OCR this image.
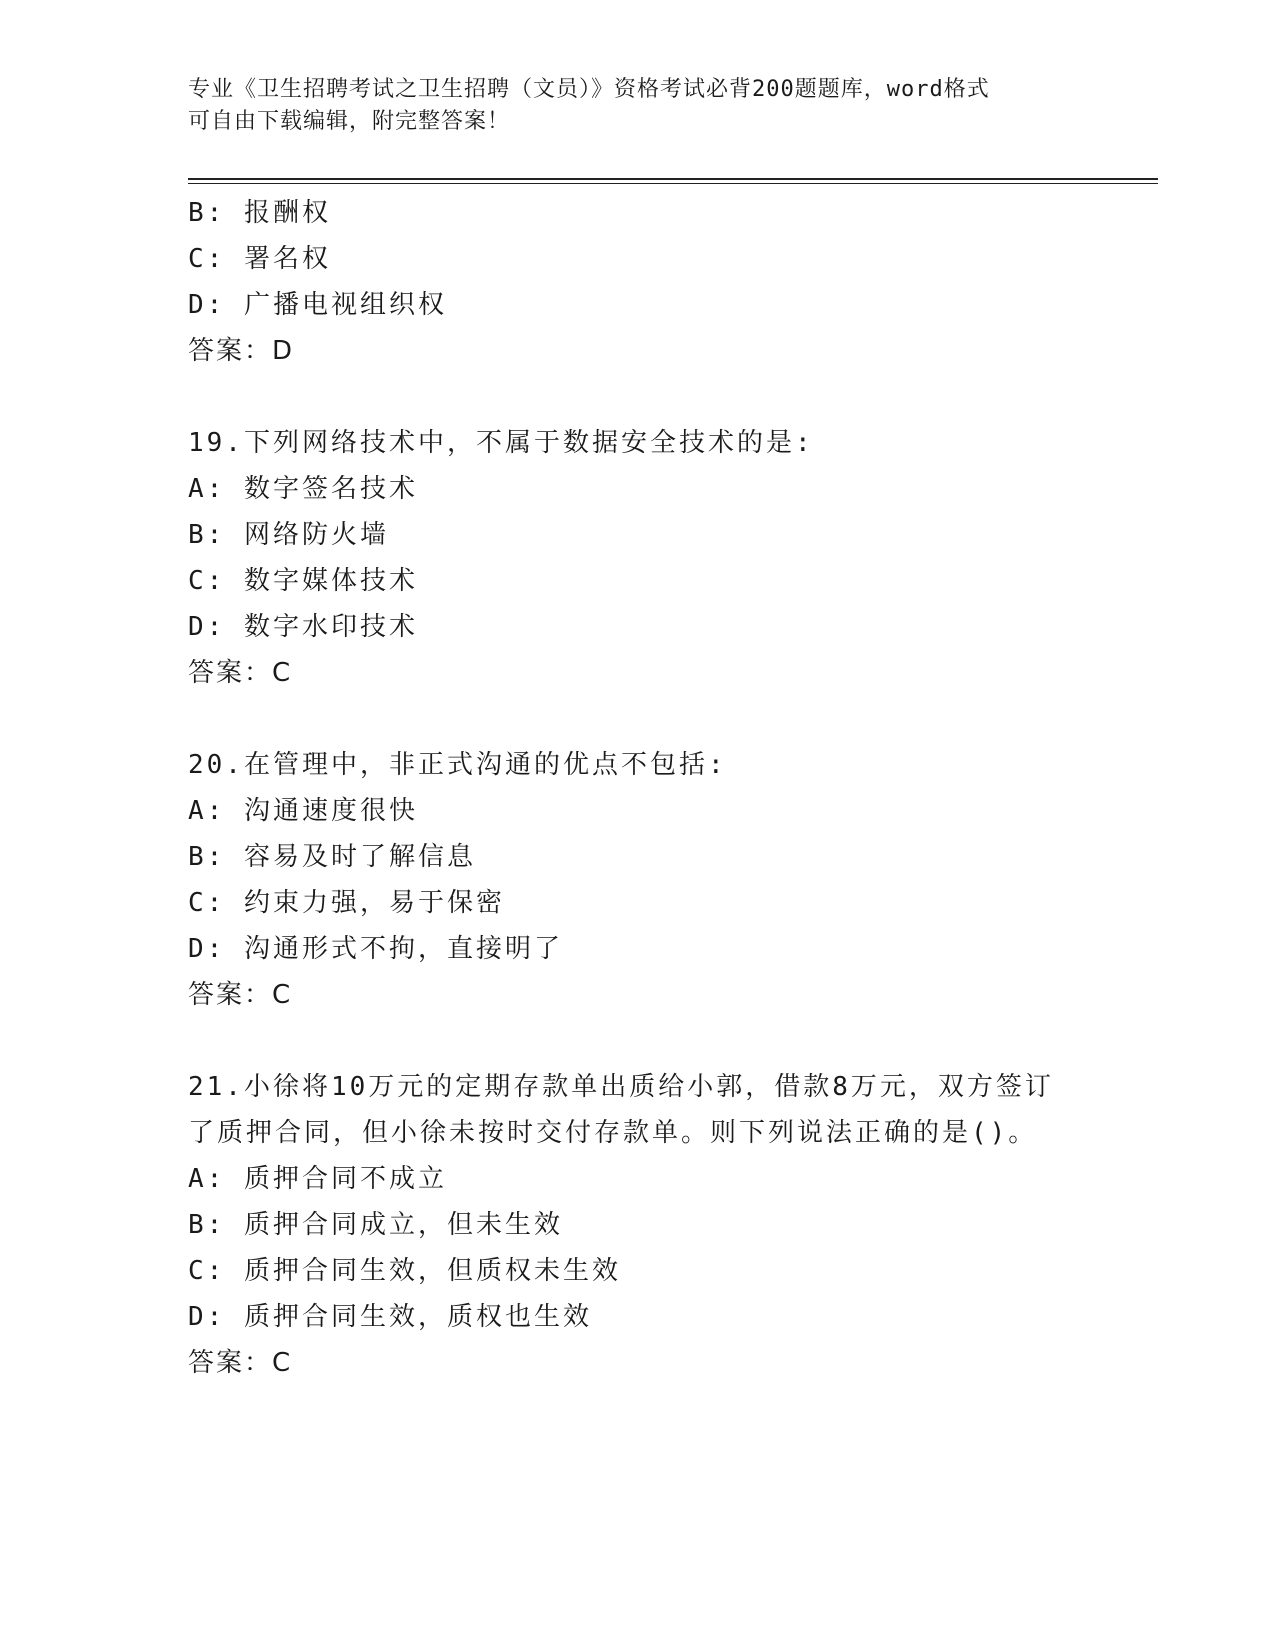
专业《卫生招聘考试之卫生招聘（文员）》资格考试必背200题题库，word格式
可自由下载编辑，附完整答案！
B: 报酬权
C: 署名权
D: 广播电视组织权
答案：D
19.下列网络技术中，不属于数据安全技术的是:
A: 数字签名技术
B: 网络防火墙
C: 数字媒体技术
D: 数字水印技术
答案：C
20.在管理中，非正式沟通的优点不包括:
A: 沟通速度很快
B: 容易及时了解信息
C: 约束力强，易于保密
D: 沟通形式不拘，直接明了
答案：C
21.小徐将10万元的定期存款单出质给小郭，借款8万元，双方签订
了质押合同，但小徐未按时交付存款单。则下列说法正确的是()。
A: 质押合同不成立
B: 质押合同成立，但未生效
C: 质押合同生效，但质权未生效
D: 质押合同生效，质权也生效
答案：C
